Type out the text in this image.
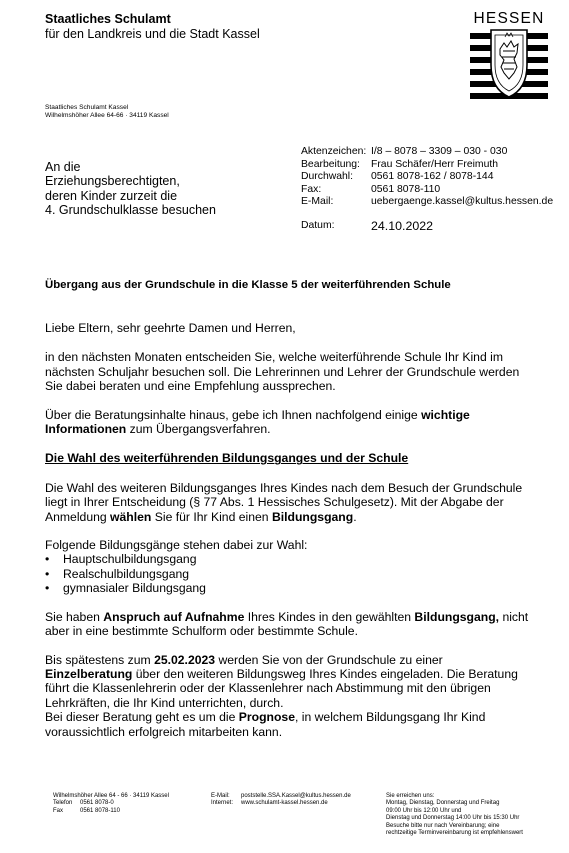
Staatliches Schulamt
für den Landkreis und die Stadt Kassel
HESSEN
Staatliches Schulamt Kassel
Wilhelmshöher Allee 64-66 · 34119 Kassel
An die
Erziehungsberechtigten,
deren Kinder zurzeit die
4. Grundschulklasse besuchen
Aktenzeichen: I/8 – 8078 – 3309 – 030 - 030
Bearbeitung:	Frau Schäfer/Herr Freimuth
Durchwahl:	0561 8078-162 / 8078-144
Fax:	0561 8078-110
E-Mail:	uebergaenge.kassel@kultus.hessen.de
Datum:	24.10.2022
Übergang aus der Grundschule in die Klasse 5 der weiterführenden Schule

Liebe Eltern, sehr geehrte Damen und Herren,

in den nächsten Monaten entscheiden Sie, welche weiterführende Schule Ihr Kind im nächsten Schuljahr besuchen soll. Die Lehrerinnen und Lehrer der Grundschule werden Sie dabei beraten und eine Empfehlung aussprechen.

Über die Beratungsinhalte hinaus, gebe ich Ihnen nachfolgend einige wichtige Informationen zum Übergangsverfahren.

Die Wahl des weiterführenden Bildungsganges und der Schule

Die Wahl des weiteren Bildungsganges Ihres Kindes nach dem Besuch der Grundschule liegt in Ihrer Entscheidung (§ 77 Abs. 1 Hessisches Schulgesetz). Mit der Abgabe der Anmeldung wählen Sie für Ihr Kind einen Bildungsgang.

Folgende Bildungsgänge stehen dabei zur Wahl:
• Hauptschulbildungsgang
• Realschulbildungsgang
• gymnasialer Bildungsgang

Sie haben Anspruch auf Aufnahme Ihres Kindes in den gewählten Bildungsgang, nicht aber in eine bestimmte Schulform oder bestimmte Schule.

Bis spätestens zum 25.02.2023 werden Sie von der Grundschule zu einer Einzelberatung über den weiteren Bildungsweg Ihres Kindes eingeladen. Die Beratung führt die Klassenlehrerin oder der Klassenlehrer nach Abstimmung mit den übrigen Lehrkräften, die Ihr Kind unterrichten, durch.

Bei dieser Beratung geht es um die Prognose, in welchem Bildungsgang Ihr Kind voraussichtlich erfolgreich mitarbeiten kann.

Wilhelmshöher Allee 64 - 66 · 34119 Kassel
Telefon	0561 8078-0
Fax	0561 8078-110
E-Mail:	poststelle.SSA.Kassel@kultus.hessen.de
Internet:	www.schulamt-kassel.hessen.de
Sie erreichen uns:
Montag, Dienstag, Donnerstag und Freitag
09:00 Uhr bis 12:00 Uhr und
Dienstag und Donnerstag 14:00 Uhr bis 15:30 Uhr
Besuche bitte nur nach Vereinbarung; eine
rechtzeitige Terminvereinbarung ist empfehlenswert
